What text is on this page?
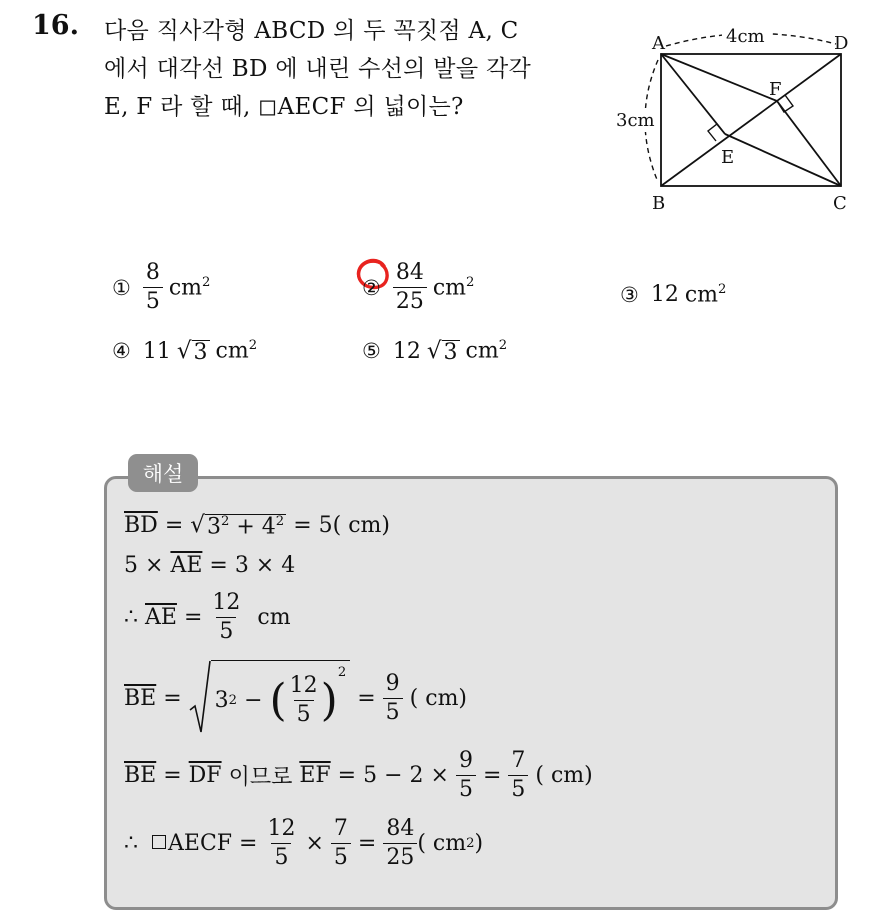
16. 다음 직사각형 ABCD 의 두 꼭짓점 A, C
에서 대각선 BD 에 내린 수선의 발을 각각
E, F 라 할 때, ◻AECF 의 넓이는?
A	D
B	C
F
E
4cm
3cm
① $\frac{8}{5} cm^2$	② $\frac{84}{25} cm^2$
③ 12 $cm^2$
④ 11 √ 3 $cm^2$	⑤ 12 √ 3 $cm^2$
해설
$\overline{BD}$
=
√ $3^2 + 4^2$
= 5( cm)
5 ×
$\overline{AE}$
= 3 × 4
∴
$\overline{AE}$
=
$\frac{12}{5}$
cm
$\overline{BE}$
=
3 2
−
( $\frac{12}{5}$ )
$^2$

=
$\frac{9}{5}$
( cm)
$\overline{BE}$
=
$\overline{DF}$
이므로
$\overline{EF}$
= 5 − 2 ×
$\frac{9}{5}$
=
$\frac{7}{5}$
( cm)
∴
AECF
=
$\frac{12}{5}$
×
$\frac{7}{5}$
=
$\frac{84}{25}$ ( cm 2 )
